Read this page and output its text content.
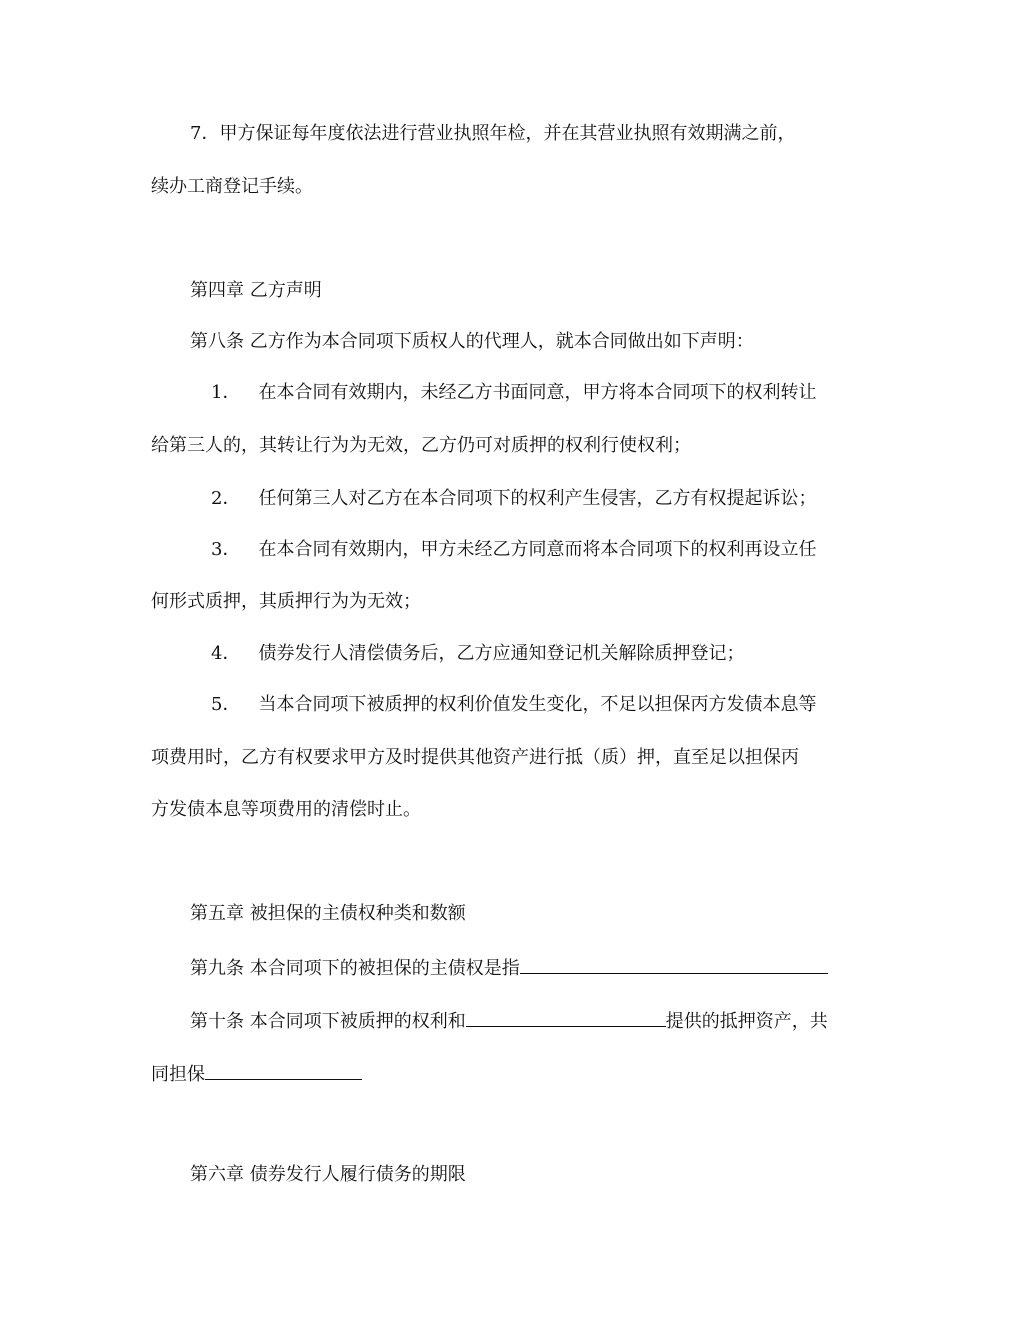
7．甲方保证每年度依法进行营业执照年检，并在其营业执照有效期满之前，
续办工商登记手续。
第四章 乙方声明
第八条 乙方作为本合同项下质权人的代理人，就本合同做出如下声明：
1． 在本合同有效期内，未经乙方书面同意，甲方将本合同项下的权利转让
给第三人的，其转让行为为无效，乙方仍可对质押的权利行使权利；
2． 任何第三人对乙方在本合同项下的权利产生侵害，乙方有权提起诉讼；
3． 在本合同有效期内，甲方未经乙方同意而将本合同项下的权利再设立任
何形式质押，其质押行为为无效；
4． 债券发行人清偿债务后，乙方应通知登记机关解除质押登记；
5． 当本合同项下被质押的权利价值发生变化，不足以担保丙方发债本息等
项费用时，乙方有权要求甲方及时提供其他资产进行抵（质）押，直至足以担保丙
方发债本息等项费用的清偿时止。
第五章 被担保的主债权种类和数额
第九条 本合同项下的被担保的主债权是指
第十条 本合同项下被质押的权利和	提供的抵押资产，共
同担保
第六章 债券发行人履行债务的期限
